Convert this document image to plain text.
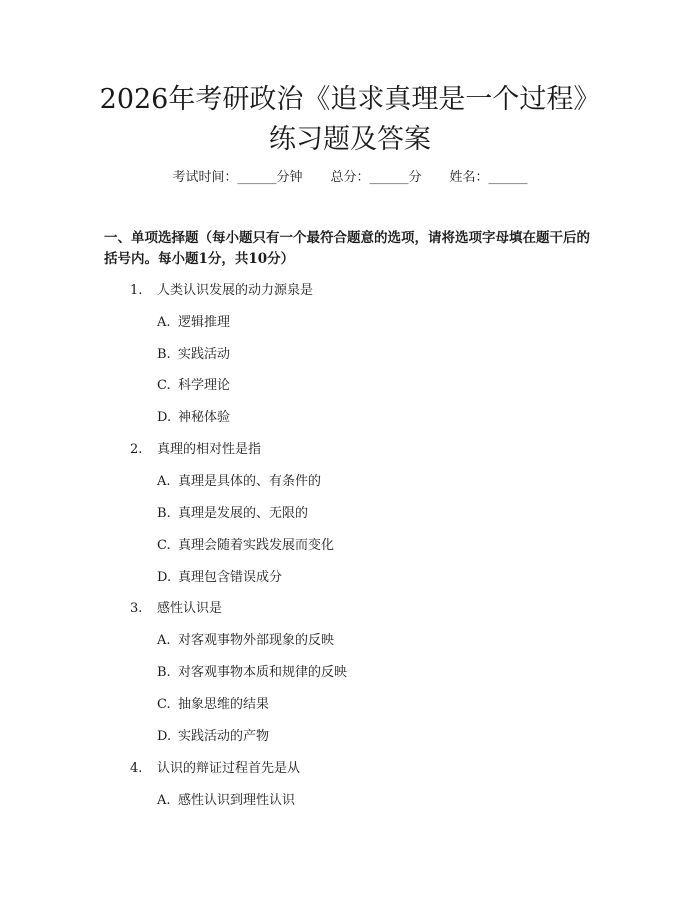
2026年考研政治《追求真理是一个过程》练习题及答案
考试时间：______分钟 总分：______分 姓名：______
一、单项选择题（每小题只有一个最符合题意的选项，请将选项字母填在题干后的括号内。每小题1分，共10分）
1. 人类认识发展的动力源泉是
A. 逻辑推理
B. 实践活动
C. 科学理论
D. 神秘体验
2. 真理的相对性是指
A. 真理是具体的、有条件的
B. 真理是发展的、无限的
C. 真理会随着实践发展而变化
D. 真理包含错误成分
3. 感性认识是
A. 对客观事物外部现象的反映
B. 对客观事物本质和规律的反映
C. 抽象思维的结果
D. 实践活动的产物
4. 认识的辩证过程首先是从
A. 感性认识到理性认识
